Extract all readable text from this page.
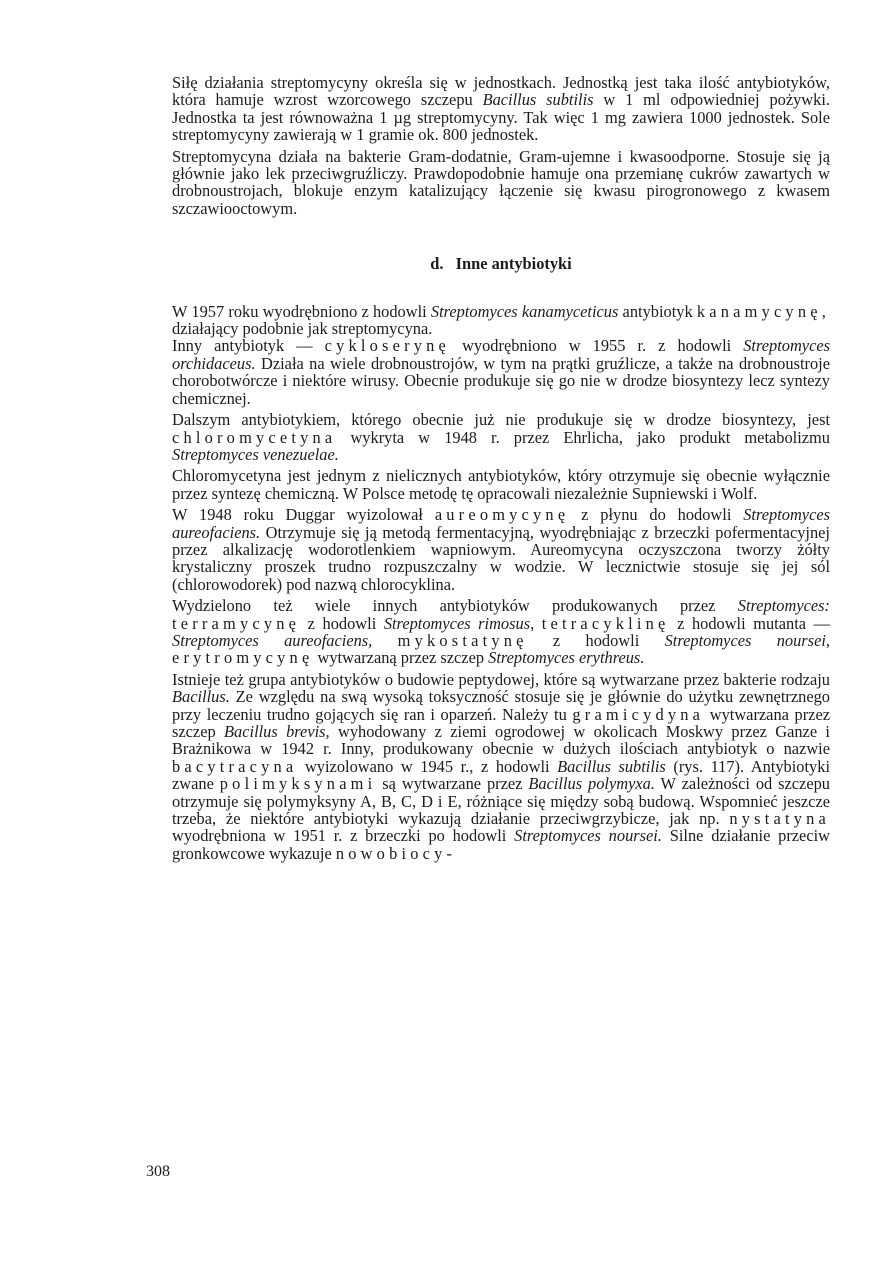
Siłę działania streptomycyny określa się w jednostkach. Jednostką jest taka ilość antybiotyków, która hamuje wzrost wzorcowego szczepu Bacillus subtilis w 1 ml odpowiedniej pożywki. Jednostka ta jest równoważna 1 µg streptomycyny. Tak więc 1 mg zawiera 1000 jednostek. Sole streptomycyny zawierają w 1 gramie ok. 800 jednostek.

Streptomycyna działa na bakterie Gram-dodatnie, Gram-ujemne i kwasoodporne. Stosuje się ją głównie jako lek przeciwgruźliczy. Prawdopodobnie hamuje ona przemianę cukrów zawartych w drobnoustrojach, blokuje enzym katalizujący łączenie się kwasu pirogronowego z kwasem szczawiooctowym.

d. Inne antybiotyki

W 1957 roku wyodrębniono z hodowli Streptomyces kanamyceticus antybiotyk kanamycynę, działający podobnie jak streptomycyna.

Inny antybiotyk — cykloserynę wyodrębniono w 1955 r. z hodowli Streptomyces orchidaceus. Działa na wiele drobnoustrojów, w tym na prątki gruźlicze, a także na drobnoustroje chorobotwórcze i niektóre wirusy. Obecnie produkuje się go nie w drodze biosyntezy lecz syntezy chemicznej.

Dalszym antybiotykiem, którego obecnie już nie produkuje się w drodze biosyntezy, jest chloromycetyna wykryta w 1948 r. przez Ehrlicha, jako produkt metabolizmu Streptomyces venezuelae.

Chloromycetyna jest jednym z nielicznych antybiotyków, który otrzymuje się obecnie wyłącznie przez syntezę chemiczną. W Polsce metodę tę opracowali niezależnie Supniewski i Wolf.

W 1948 roku Duggar wyizolował aureomycynę z płynu do hodowli Streptomyces aureofaciens. Otrzymuje się ją metodą fermentacyjną, wyodrębniając z brzeczki pofermentacyjnej przez alkalizację wodorotlenkiem wapniowym. Aureomycyna oczyszczona tworzy żółty krystaliczny proszek trudno rozpuszczalny w wodzie. W lecznictwie stosuje się jej sól (chlorowodorek) pod nazwą chlorocyklina.

Wydzielono też wiele innych antybiotyków produkowanych przez Streptomyces: terramycynę z hodowli Streptomyces rimosus, tetracyklinę z hodowli mutanta — Streptomyces aureofaciens, mykostatynę z hodowli Streptomyces noursei, erytromycynę wytwarzaną przez szczep Streptomyces erythreus.

Istnieje też grupa antybiotyków o budowie peptydowej, które są wytwarzane przez bakterie rodzaju Bacillus. Ze względu na swą wysoką toksyczność stosuje się je głównie do użytku zewnętrznego przy leczeniu trudno gojących się ran i oparzeń. Należy tu gramicydyna wytwarzana przez szczep Bacillus brevis, wyhodowany z ziemi ogrodowej w okolicach Moskwy przez Ganze i Brażnikowa w 1942 r. Inny, produkowany obecnie w dużych ilościach antybiotyk o nazwie bacytracyna wyizolowano w 1945 r., z hodowli Bacillus subtilis (rys. 117). Antybiotyki zwane polimyksynami są wytwarzane przez Bacillus polymyxa. W zależności od szczepu otrzymuje się polymyksyny A, B, C, D i E, różniące się między sobą budową. Wspomnieć jeszcze trzeba, że niektóre antybiotyki wykazują działanie przeciwgrzybicze, jak np. nystatyna wyodrębniona w 1951 r. z brzeczki po hodowli Streptomyces noursei. Silne działanie przeciw gronkowcowe wykazuje nowobiocy-

308
